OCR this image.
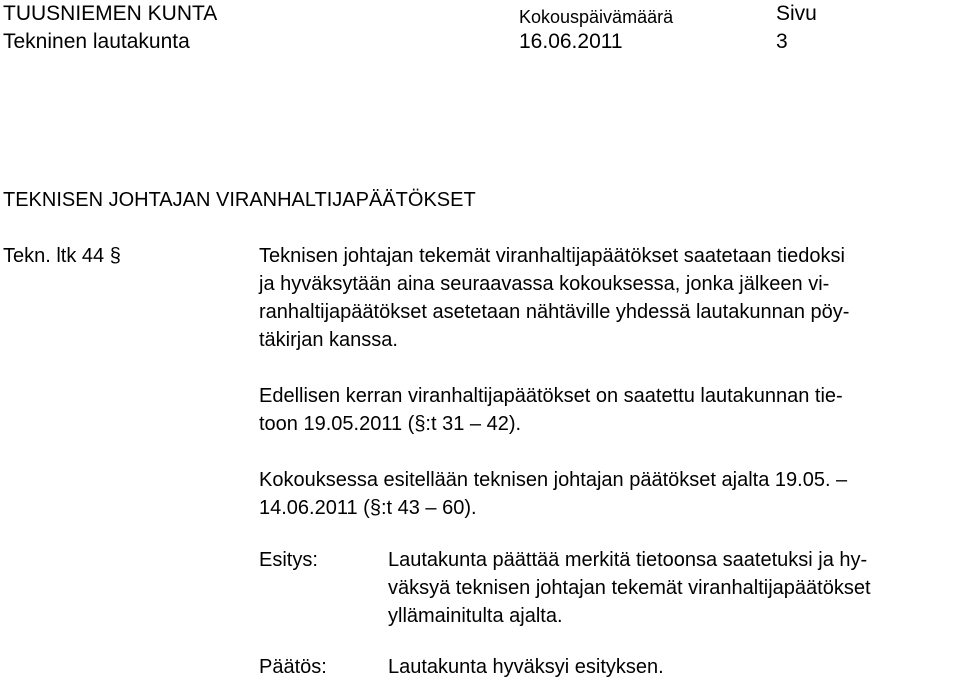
TUUSNIEMEN KUNTA
Tekninen lautakunta
Kokouspäivämäärä
16.06.2011
Sivu
3
TEKNISEN JOHTAJAN VIRANHALTIJAPÄÄTÖKSET
Tekn. ltk 44 §	Teknisen johtajan tekemät viranhaltijapäätökset saatetaan tiedoksi
ja hyväksytään aina seuraavassa kokouksessa, jonka jälkeen vi-
ranhaltijapäätökset asetetaan nähtäville yhdessä lautakunnan pöy-
täkirjan kanssa.
Edellisen kerran viranhaltijapäätökset on saatettu lautakunnan tie-
toon 19.05.2011 (§:t 31 – 42).
Kokouksessa esitellään teknisen johtajan päätökset ajalta 19.05. –
14.06.2011 (§:t 43 – 60).
Esitys:	Lautakunta päättää merkitä tietoonsa saatetuksi ja hy-
väksyä teknisen johtajan tekemät viranhaltijapäätökset
yllämainitulta ajalta.
Päätös:	Lautakunta hyväksyi esityksen.
